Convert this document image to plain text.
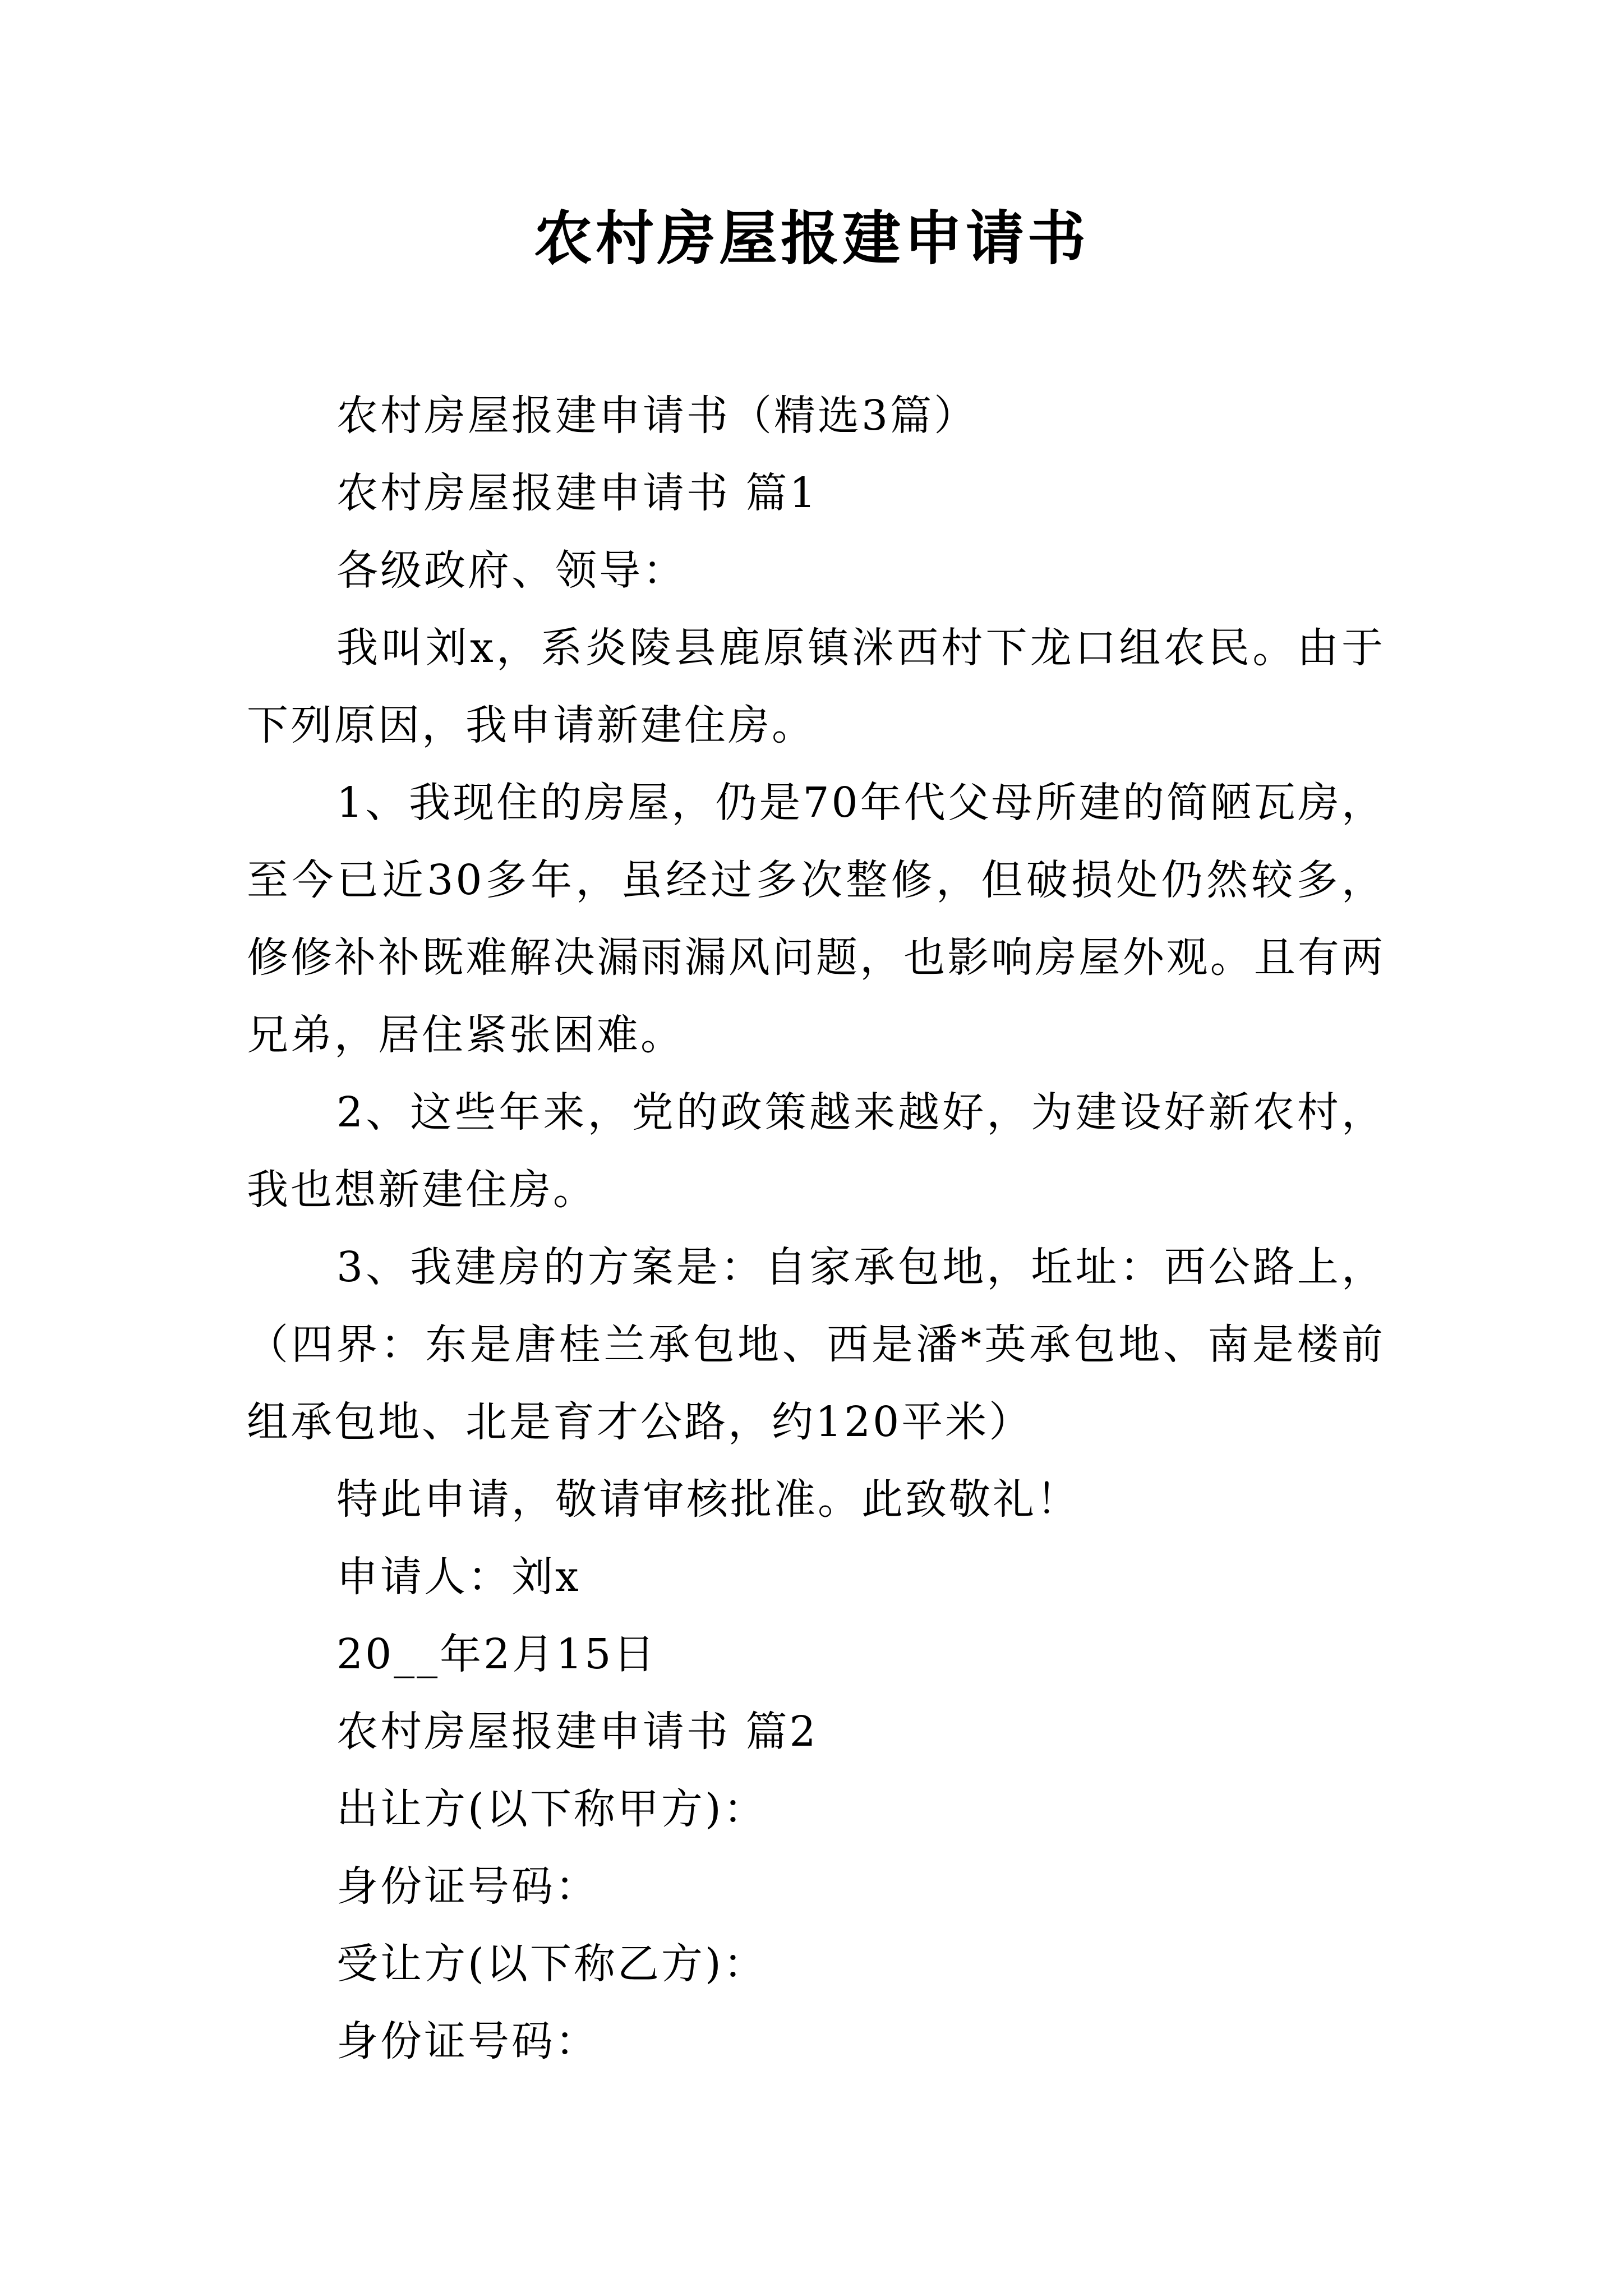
农村房屋报建申请书

农村房屋报建申请书（精选3篇）

农村房屋报建申请书 篇1

各级政府、领导：

我叫刘x，系炎陵县鹿原镇洣西村下龙口组农民。由于下列原因，我申请新建住房。

1、我现住的房屋，仍是70年代父母所建的简陋瓦房，至今已近30多年，虽经过多次整修，但破损处仍然较多，修修补补既难解决漏雨漏风问题，也影响房屋外观。且有两兄弟，居住紧张困难。

2、这些年来，党的政策越来越好，为建设好新农村，我也想新建住房。

3、我建房的方案是：自家承包地，坵址：西公路上，（四界：东是唐桂兰承包地、西是潘*英承包地、南是楼前组承包地、北是育才公路，约120平米）

特此申请，敬请审核批准。此致敬礼！

申请人：刘x

20__年2月15日

农村房屋报建申请书 篇2

出让方(以下称甲方)：

身份证号码：

受让方(以下称乙方)：

身份证号码：
